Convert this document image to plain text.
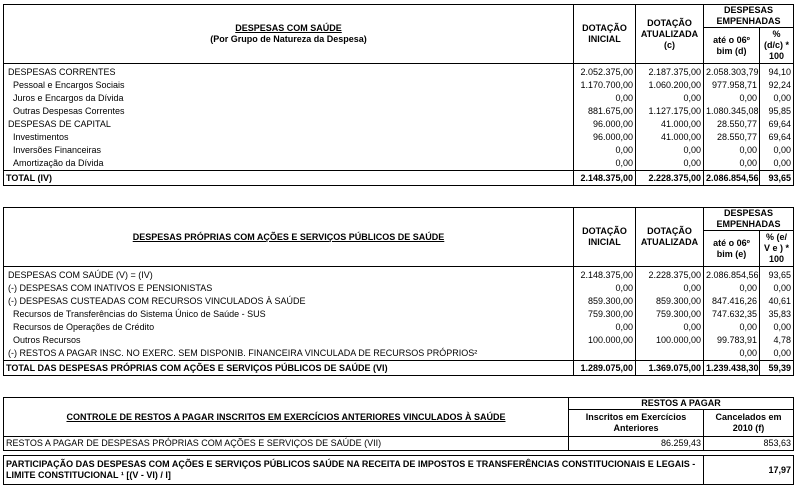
DESPESAS COM SAÚDE
(Por Grupo de Natureza da Despesa)	DOTAÇÃO INICIAL	DOTAÇÃO ATUALIZADA (c)	DESPESAS EMPENHADAS	
			até o 06º bim (d)	% (d/c) * 100
DESPESAS CORRENTES	2.052.375,00	2.187.375,00	2.058.303,79	94,10
Pessoal e Encargos Sociais	1.170.700,00	1.060.200,00	977.958,71	92,24
Juros e Encargos da Dívida	0,00	0,00	0,00	0,00
Outras Despesas Correntes	881.675,00	1.127.175,00	1.080.345,08	95,85
DESPESAS DE CAPITAL	96.000,00	41.000,00	28.550,77	69,64
Investimentos	96.000,00	41.000,00	28.550,77	69,64
Inversões Financeiras	0,00	0,00	0,00	0,00
Amortização da Dívida	0,00	0,00	0,00	0,00
TOTAL (IV)	2.148.375,00	2.228.375,00	2.086.854,56	93,65
DESPESAS PRÓPRIAS COM AÇÕES E SERVIÇOS PÚBLICOS DE SAÚDE	DOTAÇÃO INICIAL	DOTAÇÃO ATUALIZADA	DESPESAS EMPENHADAS	
			até o 06º bim (e)	% (e/ V e ) * 100
DESPESAS COM SAÚDE (V) = (IV)	2.148.375,00	2.228.375,00	2.086.854,56	93,65
(-) DESPESAS COM INATIVOS E PENSIONISTAS	0,00	0,00	0,00	0,00
(-) DESPESAS CUSTEADAS COM RECURSOS VINCULADOS À SAÚDE	859.300,00	859.300,00	847.416,26	40,61
Recursos de Transferências do Sistema Único de Saúde - SUS	759.300,00	759.300,00	747.632,35	35,83
Recursos de Operações de Crédito	0,00	0,00	0,00	0,00
Outros Recursos	100.000,00	100.000,00	99.783,91	4,78
(-) RESTOS A PAGAR INSC. NO EXERC. SEM DISPONIB. FINANCEIRA VINCULADA DE RECURSOS PRÓPRIOS²			0,00	0,00
TOTAL DAS DESPESAS PRÓPRIAS COM AÇÕES E SERVIÇOS PÚBLICOS DE SAÚDE (VI)	1.289.075,00	1.369.075,00	1.239.438,30	59,39
CONTROLE DE RESTOS A PAGAR INSCRITOS EM EXERCÍCIOS ANTERIORES VINCULADOS À SAÚDE	RESTOS A PAGAR	
	Inscritos em Exercícios Anteriores	Cancelados em 2010 (f)
RESTOS A PAGAR DE DESPESAS PRÓPRIAS COM AÇÕES E SERVIÇOS DE SAÚDE (VII)	86.259,43	853,63
PARTICIPAÇÃO DAS DESPESAS COM AÇÕES E SERVIÇOS PÚBLICOS SAÚDE NA RECEITA DE IMPOSTOS E TRANSFERÊNCIAS CONSTITUCIONAIS E LEGAIS - LIMITE CONSTITUCIONAL ¹ [(V - VI) / I]	17,97
